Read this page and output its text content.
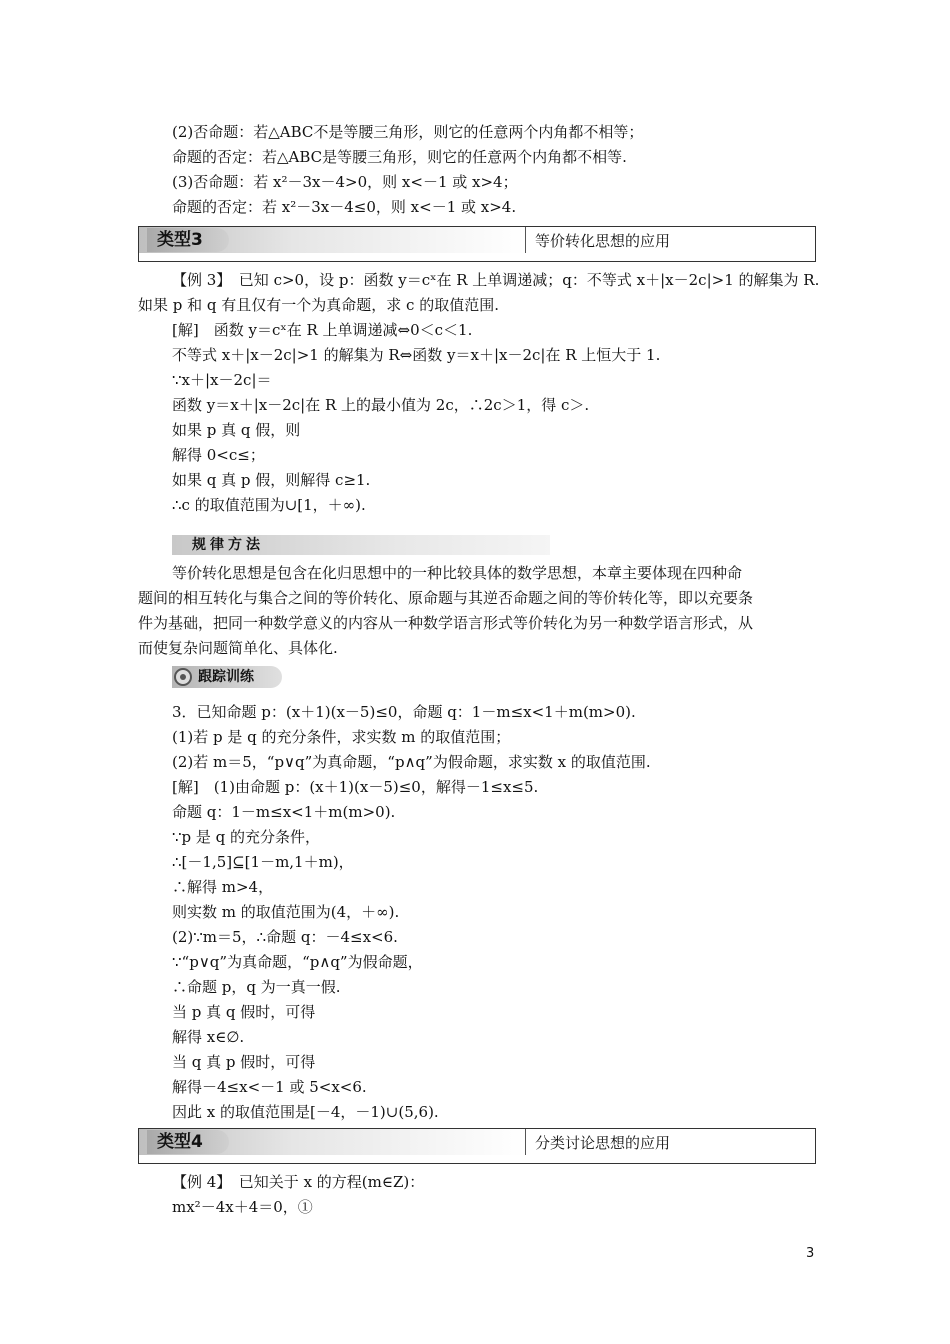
(2)否命题：若△ABC不是等腰三角形，则它的任意两个内角都不相等；
命题的否定：若△ABC是等腰三角形，则它的任意两个内角都不相等.
(3)否命题：若 x²－3x－4>0，则 x<－1 或 x>4；
命题的否定：若 x²－3x－4≤0，则 x<－1 或 x>4.
类型3	等价转化思想的应用
【例 3】　已知 c>0，设 p：函数 y＝cˣ在 R 上单调递减；q：不等式 x＋|x－2c|>1 的解集为 R.
如果 p 和 q 有且仅有一个为真命题，求 c 的取值范围.
[解]　函数 y＝cˣ在 R 上单调递减⇔0＜c＜1.
不等式 x＋|x－2c|>1 的解集为 R⇔函数 y＝x＋|x－2c|在 R 上恒大于 1.
∵x＋|x－2c|＝
函数 y＝x＋|x－2c|在 R 上的最小值为 2c，∴2c＞1，得 c＞.
如果 p 真 q 假，则
解得 0<c≤；
如果 q 真 p 假，则解得 c≥1.
∴c 的取值范围为∪[1，＋∞).
规律方法
等价转化思想是包含在化归思想中的一种比较具体的数学思想，本章主要体现在四种命
题间的相互转化与集合之间的等价转化、原命题与其逆否命题之间的等价转化等，即以充要条
件为基础，把同一种数学意义的内容从一种数学语言形式等价转化为另一种数学语言形式，从
而使复杂问题简单化、具体化.
跟踪训练
3．已知命题 p：(x＋1)(x－5)≤0，命题 q：1－m≤x<1＋m(m>0).
(1)若 p 是 q 的充分条件，求实数 m 的取值范围；
(2)若 m＝5，“p∨q”为真命题，“p∧q”为假命题，求实数 x 的取值范围.
[解]　(1)由命题 p：(x＋1)(x－5)≤0，解得－1≤x≤5.
命题 q：1－m≤x<1＋m(m>0).
∵p 是 q 的充分条件，
∴[－1,5]⊆[1－m,1＋m)，
∴解得 m>4，
则实数 m 的取值范围为(4，＋∞).
(2)∵m＝5，∴命题 q：－4≤x<6.
∵“p∨q”为真命题，“p∧q”为假命题，
∴命题 p，q 为一真一假.
当 p 真 q 假时，可得
解得 x∈∅.
当 q 真 p 假时，可得
解得－4≤x<－1 或 5<x<6.
因此 x 的取值范围是[－4，－1)∪(5,6).
类型4	分类讨论思想的应用
【例 4】　已知关于 x 的方程(m∈Z)：
mx²－4x＋4＝0，①
3
